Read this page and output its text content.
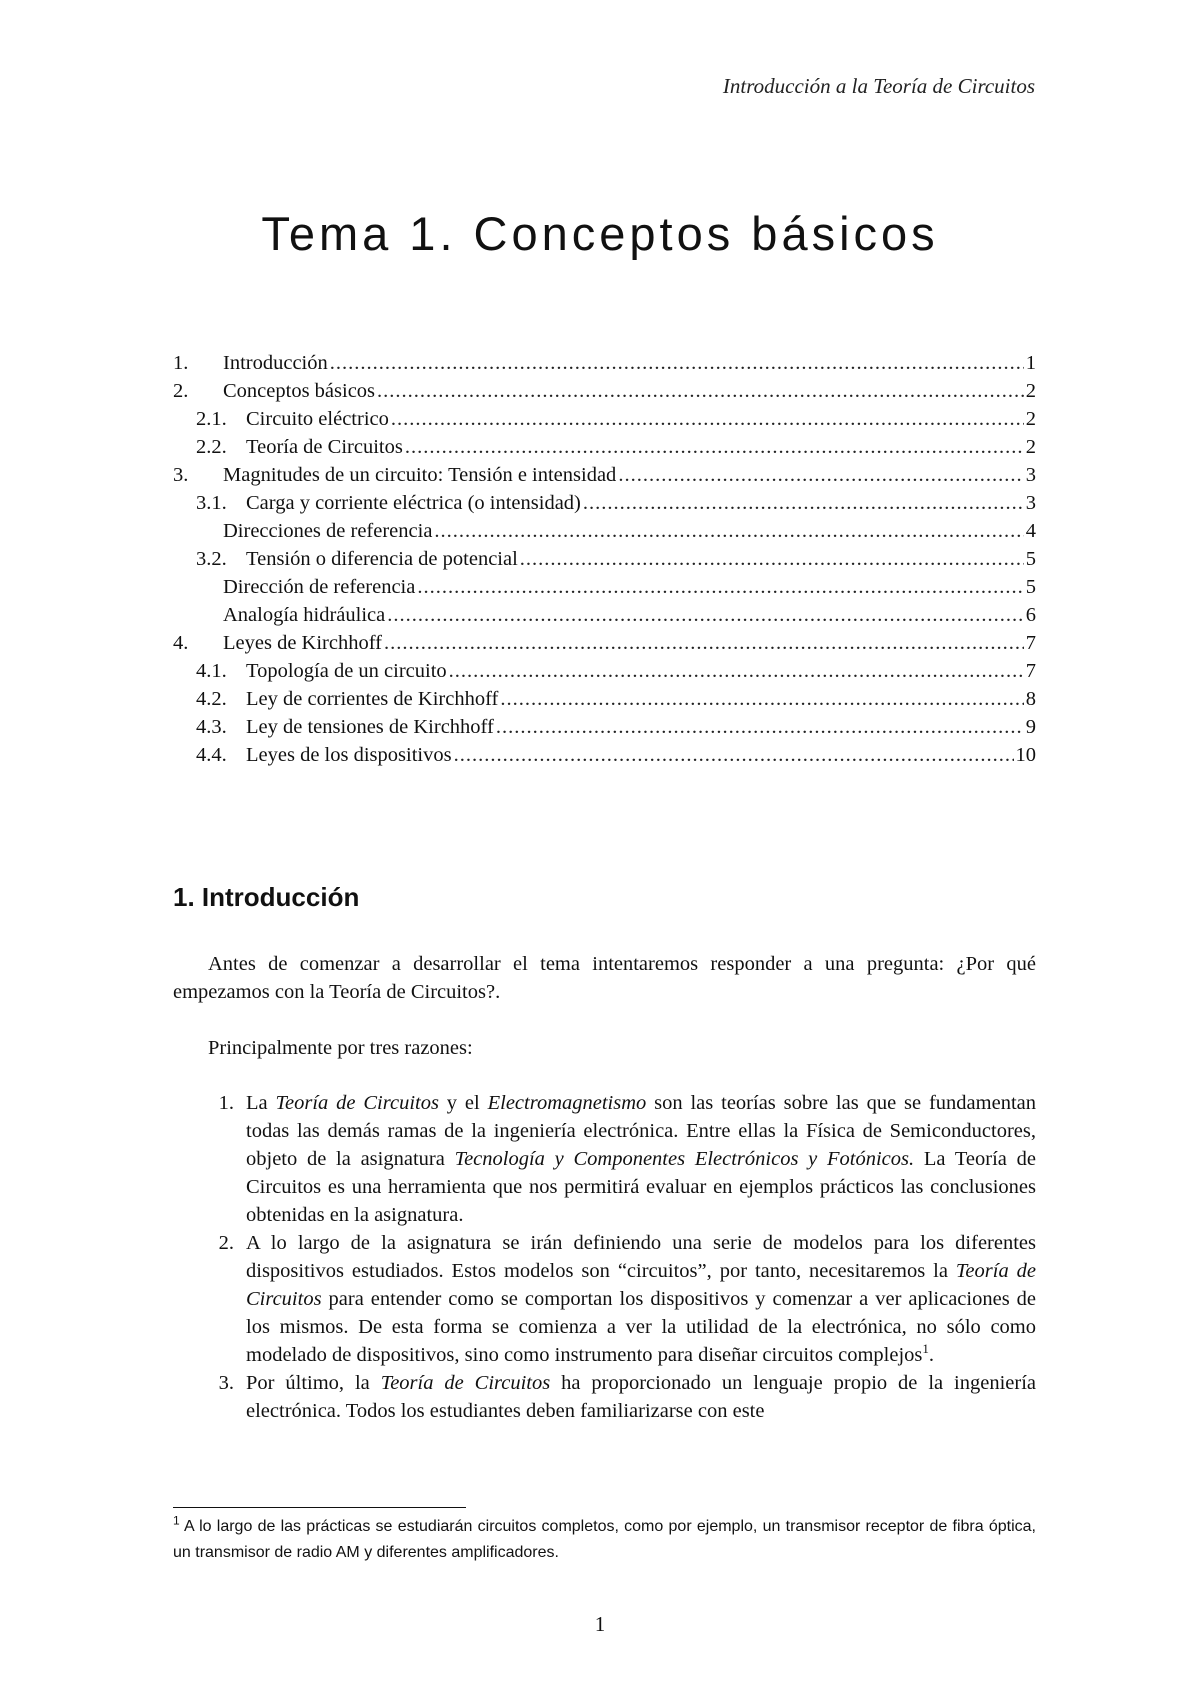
Introducción a la Teoría de Circuitos
Tema 1. Conceptos básicos
1.	Introducción .....	1
2.	Conceptos básicos .....	2
2.1. Circuito eléctrico .....	2
2.2. Teoría de Circuitos .....	2
3.	Magnitudes de un circuito: Tensión e intensidad .....	3
3.1. Carga y corriente eléctrica (o intensidad) .....	3
Direcciones de referencia .....	4
3.2. Tensión o diferencia de potencial .....	5
Dirección de referencia .....	5
Analogía hidráulica .....	6
4.	Leyes de Kirchhoff .....	7
4.1. Topología de un circuito .....	7
4.2. Ley de corrientes de Kirchhoff .....	8
4.3. Ley de tensiones de Kirchhoff .....	9
4.4. Leyes de los dispositivos .....	10
1. Introducción

Antes de comenzar a desarrollar el tema intentaremos responder a una pregunta: ¿Por qué empezamos con la Teoría de Circuitos?.

Principalmente por tres razones:

1. La Teoría de Circuitos y el Electromagnetismo son las teorías sobre las que se fundamentan todas las demás ramas de la ingeniería electrónica. Entre ellas la Física de Semiconductores, objeto de la asignatura Tecnología y Componentes Electrónicos y Fotónicos. La Teoría de Circuitos es una herramienta que nos permitirá evaluar en ejemplos prácticos las conclusiones obtenidas en la asignatura.
2. A lo largo de la asignatura se irán definiendo una serie de modelos para los diferentes dispositivos estudiados. Estos modelos son “circuitos”, por tanto, necesitaremos la Teoría de Circuitos para entender como se comportan los dispositivos y comenzar a ver aplicaciones de los mismos. De esta forma se comienza a ver la utilidad de la electrónica, no sólo como modelado de dispositivos, sino como instrumento para diseñar circuitos complejos$^1$.
3. Por último, la Teoría de Circuitos ha proporcionado un lenguaje propio de la ingeniería electrónica. Todos los estudiantes deben familiarizarse con este
$^1$ A lo largo de las prácticas se estudiarán circuitos completos, como por ejemplo, un transmisor receptor de fibra óptica, un transmisor de radio AM y diferentes amplificadores.
1
